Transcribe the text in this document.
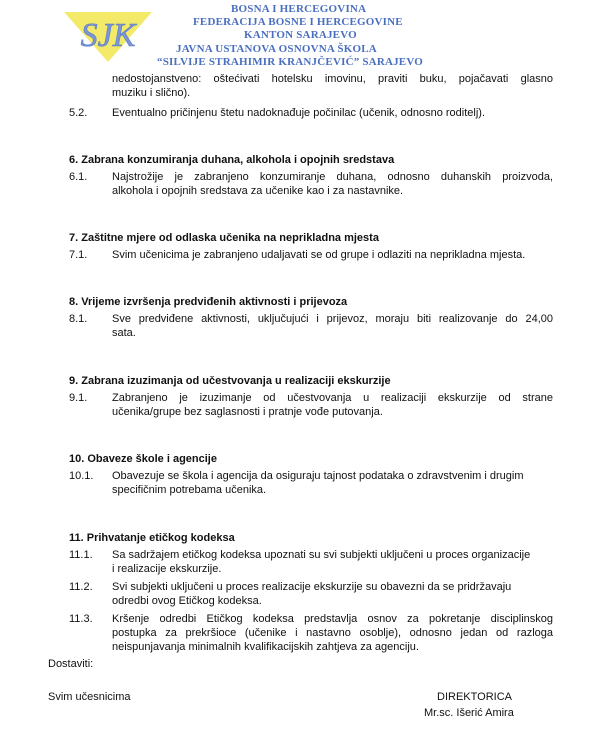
SJK
BOSNA I HERCEGOVINA
FEDERACIJA BOSNE I HERCEGOVINE
KANTON SARAJEVO
JAVNA USTANOVA OSNOVNA ŠKOLA
“SILVIJE STRAHIMIR KRANJČEVIĆ” SARAJEVO
nedostojanstveno: oštećivati hotelsku imovinu, praviti buku, pojačavati glasno
muziku i slično).
5.2. Eventualno pričinjenu štetu nadoknađuje počinilac (učenik, odnosno roditelj).
6. Zabrana konzumiranja duhana, alkohola i opojnih sredstava
6.1. Najstrožije je zabranjeno konzumiranje duhana, odnosno duhanskih proizvoda,
alkohola i opojnih sredstava za učenike kao i za nastavnike.
7. Zaštitne mjere od odlaska učenika na neprikladna mjesta
7.1. Svim učenicima je zabranjeno udaljavati se od grupe i odlaziti na neprikladna mjesta.
8. Vrijeme izvršenja predviđenih aktivnosti i prijevoza
8.1. Sve predviđene aktivnosti, uključujući i prijevoz, moraju biti realizovanje do 24,00
sata.
9. Zabrana izuzimanja od učestvovanja u realizaciji ekskurzije
9.1. Zabranjeno je izuzimanje od učestvovanja u realizaciji ekskurzije od strane
učenika/grupe bez saglasnosti i pratnje vođe putovanja.
10. Obaveze škole i agencije
10.1. Obavezuje se škola i agencija da osiguraju tajnost podataka o zdravstvenim i drugim
specifičnim potrebama učenika.
11. Prihvatanje etičkog kodeksa
11.1. Sa sadržajem etičkog kodeksa upoznati su svi subjekti uključeni u proces organizacije
i realizacije ekskurzije.
11.2. Svi subjekti uključeni u proces realizacije ekskurzije su obavezni da se pridržavaju
odredbi ovog Etičkog kodeksa.
11.3. Kršenje odredbi Etičkog kodeksa predstavlja osnov za pokretanje disciplinskog
postupka za prekršioce (učenike i nastavno osoblje), odnosno jedan od razloga
neispunjavanja minimalnih kvalifikacijskih zahtjeva za agenciju.
Dostaviti:
Svim učesnicima	DIREKTORICA
Mr.sc. Išerić Amira
